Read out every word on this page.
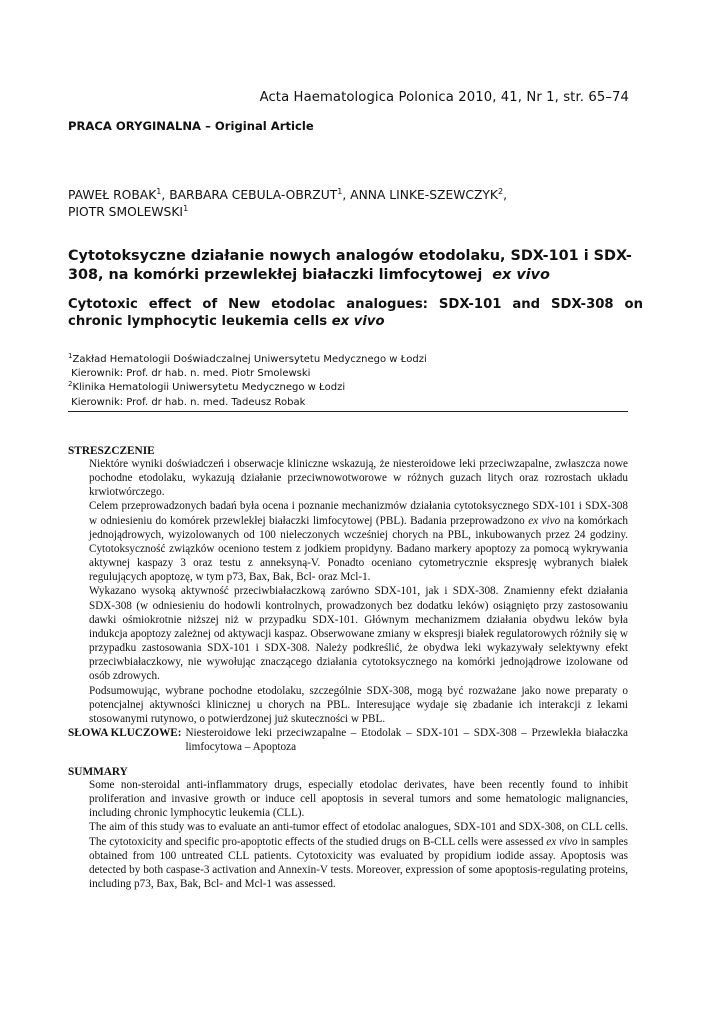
Acta Haematologica Polonica 2010, 41, Nr 1, str. 65–74
PRACA ORYGINALNA – Original Article
PAWEŁ ROBAK$^1$, BARBARA CEBULA-OBRZUT$^1$, ANNA LINKE-SZEWCZYK$^2$,
PIOTR SMOLEWSKI$^1$
Cytotoksyczne działanie nowych analogów etodolaku, SDX-101 i SDX-308, na komórki przewlekłej białaczki limfocytowej ex vivo
Cytotoxic effect of New etodolac analogues: SDX-101 and SDX-308 on chronic lymphocytic leukemia cells ex vivo
$^1$Zakład Hematologii Doświadczalnej Uniwersytetu Medycznego w Łodzi
Kierownik: Prof. dr hab. n. med. Piotr Smolewski
$^2$Klinika Hematologii Uniwersytetu Medycznego w Łodzi
Kierownik: Prof. dr hab. n. med. Tadeusz Robak
STRESZCZENIE
Niektóre wyniki doświadczeń i obserwacje kliniczne wskazują, że niesteroidowe leki przeciwzapalne, zwłaszcza nowe pochodne etodolaku, wykazują działanie przeciwnowotworowe w różnych guzach litych oraz rozrostach układu krwiotwórczego.
Celem przeprowadzonych badań była ocena i poznanie mechanizmów działania cytotoksycznego SDX-101 i SDX-308 w odniesieniu do komórek przewlekłej białaczki limfocytowej (PBL). Badania przeprowadzono ex vivo na komórkach jednojądrowych, wyizolowanych od 100 nieleczonych wcześniej chorych na PBL, inkubowanych przez 24 godziny. Cytotoksyczność związków oceniono testem z jodkiem propidyny. Badano markery apoptozy za pomocą wykrywania aktywnej kaspazy 3 oraz testu z anneksyną-V. Ponadto oceniano cytometrycznie ekspresję wybranych białek regulujących apoptozę, w tym p73, Bax, Bak, Bcl- oraz Mcl-1.
Wykazano wysoką aktywność przeciwbiałaczkową zarówno SDX-101, jak i SDX-308. Znamienny efekt działania SDX-308 (w odniesieniu do hodowli kontrolnych, prowadzonych bez dodatku leków) osiągnięto przy zastosowaniu dawki ośmiokrotnie niższej niż w przypadku SDX-101. Głównym mechanizmem działania obydwu leków była indukcja apoptozy zależnej od aktywacji kaspaz. Obserwowane zmiany w ekspresji białek regulatorowych różniły się w przypadku zastosowania SDX-101 i SDX-308. Należy podkreślić, że obydwa leki wykazywały selektywny efekt przeciwbiałaczkowy, nie wywołując znaczącego działania cytotoksycznego na komórki jednojądrowe izolowane od osób zdrowych.
Podsumowując, wybrane pochodne etodolaku, szczególnie SDX-308, mogą być rozważane jako nowe preparaty o potencjalnej aktywności klinicznej u chorych na PBL. Interesujące wydaje się zbadanie ich interakcji z lekami stosowanymi rutynowo, o potwierdzonej już skuteczności w PBL.
SŁOWA KLUCZOWE: Niesteroidowe leki przeciwzapalne – Etodolak – SDX-101 – SDX-308 – Przewlekła białaczka limfocytowa – Apoptoza
SUMMARY
Some non-steroidal anti-inflammatory drugs, especially etodolac derivates, have been recently found to inhibit proliferation and invasive growth or induce cell apoptosis in several tumors and some hematologic malignancies, including chronic lymphocytic leukemia (CLL).
The aim of this study was to evaluate an anti-tumor effect of etodolac analogues, SDX-101 and SDX-308, on CLL cells. The cytotoxicity and specific pro-apoptotic effects of the studied drugs on B-CLL cells were assessed ex vivo in samples obtained from 100 untreated CLL patients. Cytotoxicity was evaluated by propidium iodide assay. Apoptosis was detected by both caspase-3 activation and Annexin-V tests. Moreover, expression of some apoptosis-regulating proteins, including p73, Bax, Bak, Bcl- and Mcl-1 was assessed.
